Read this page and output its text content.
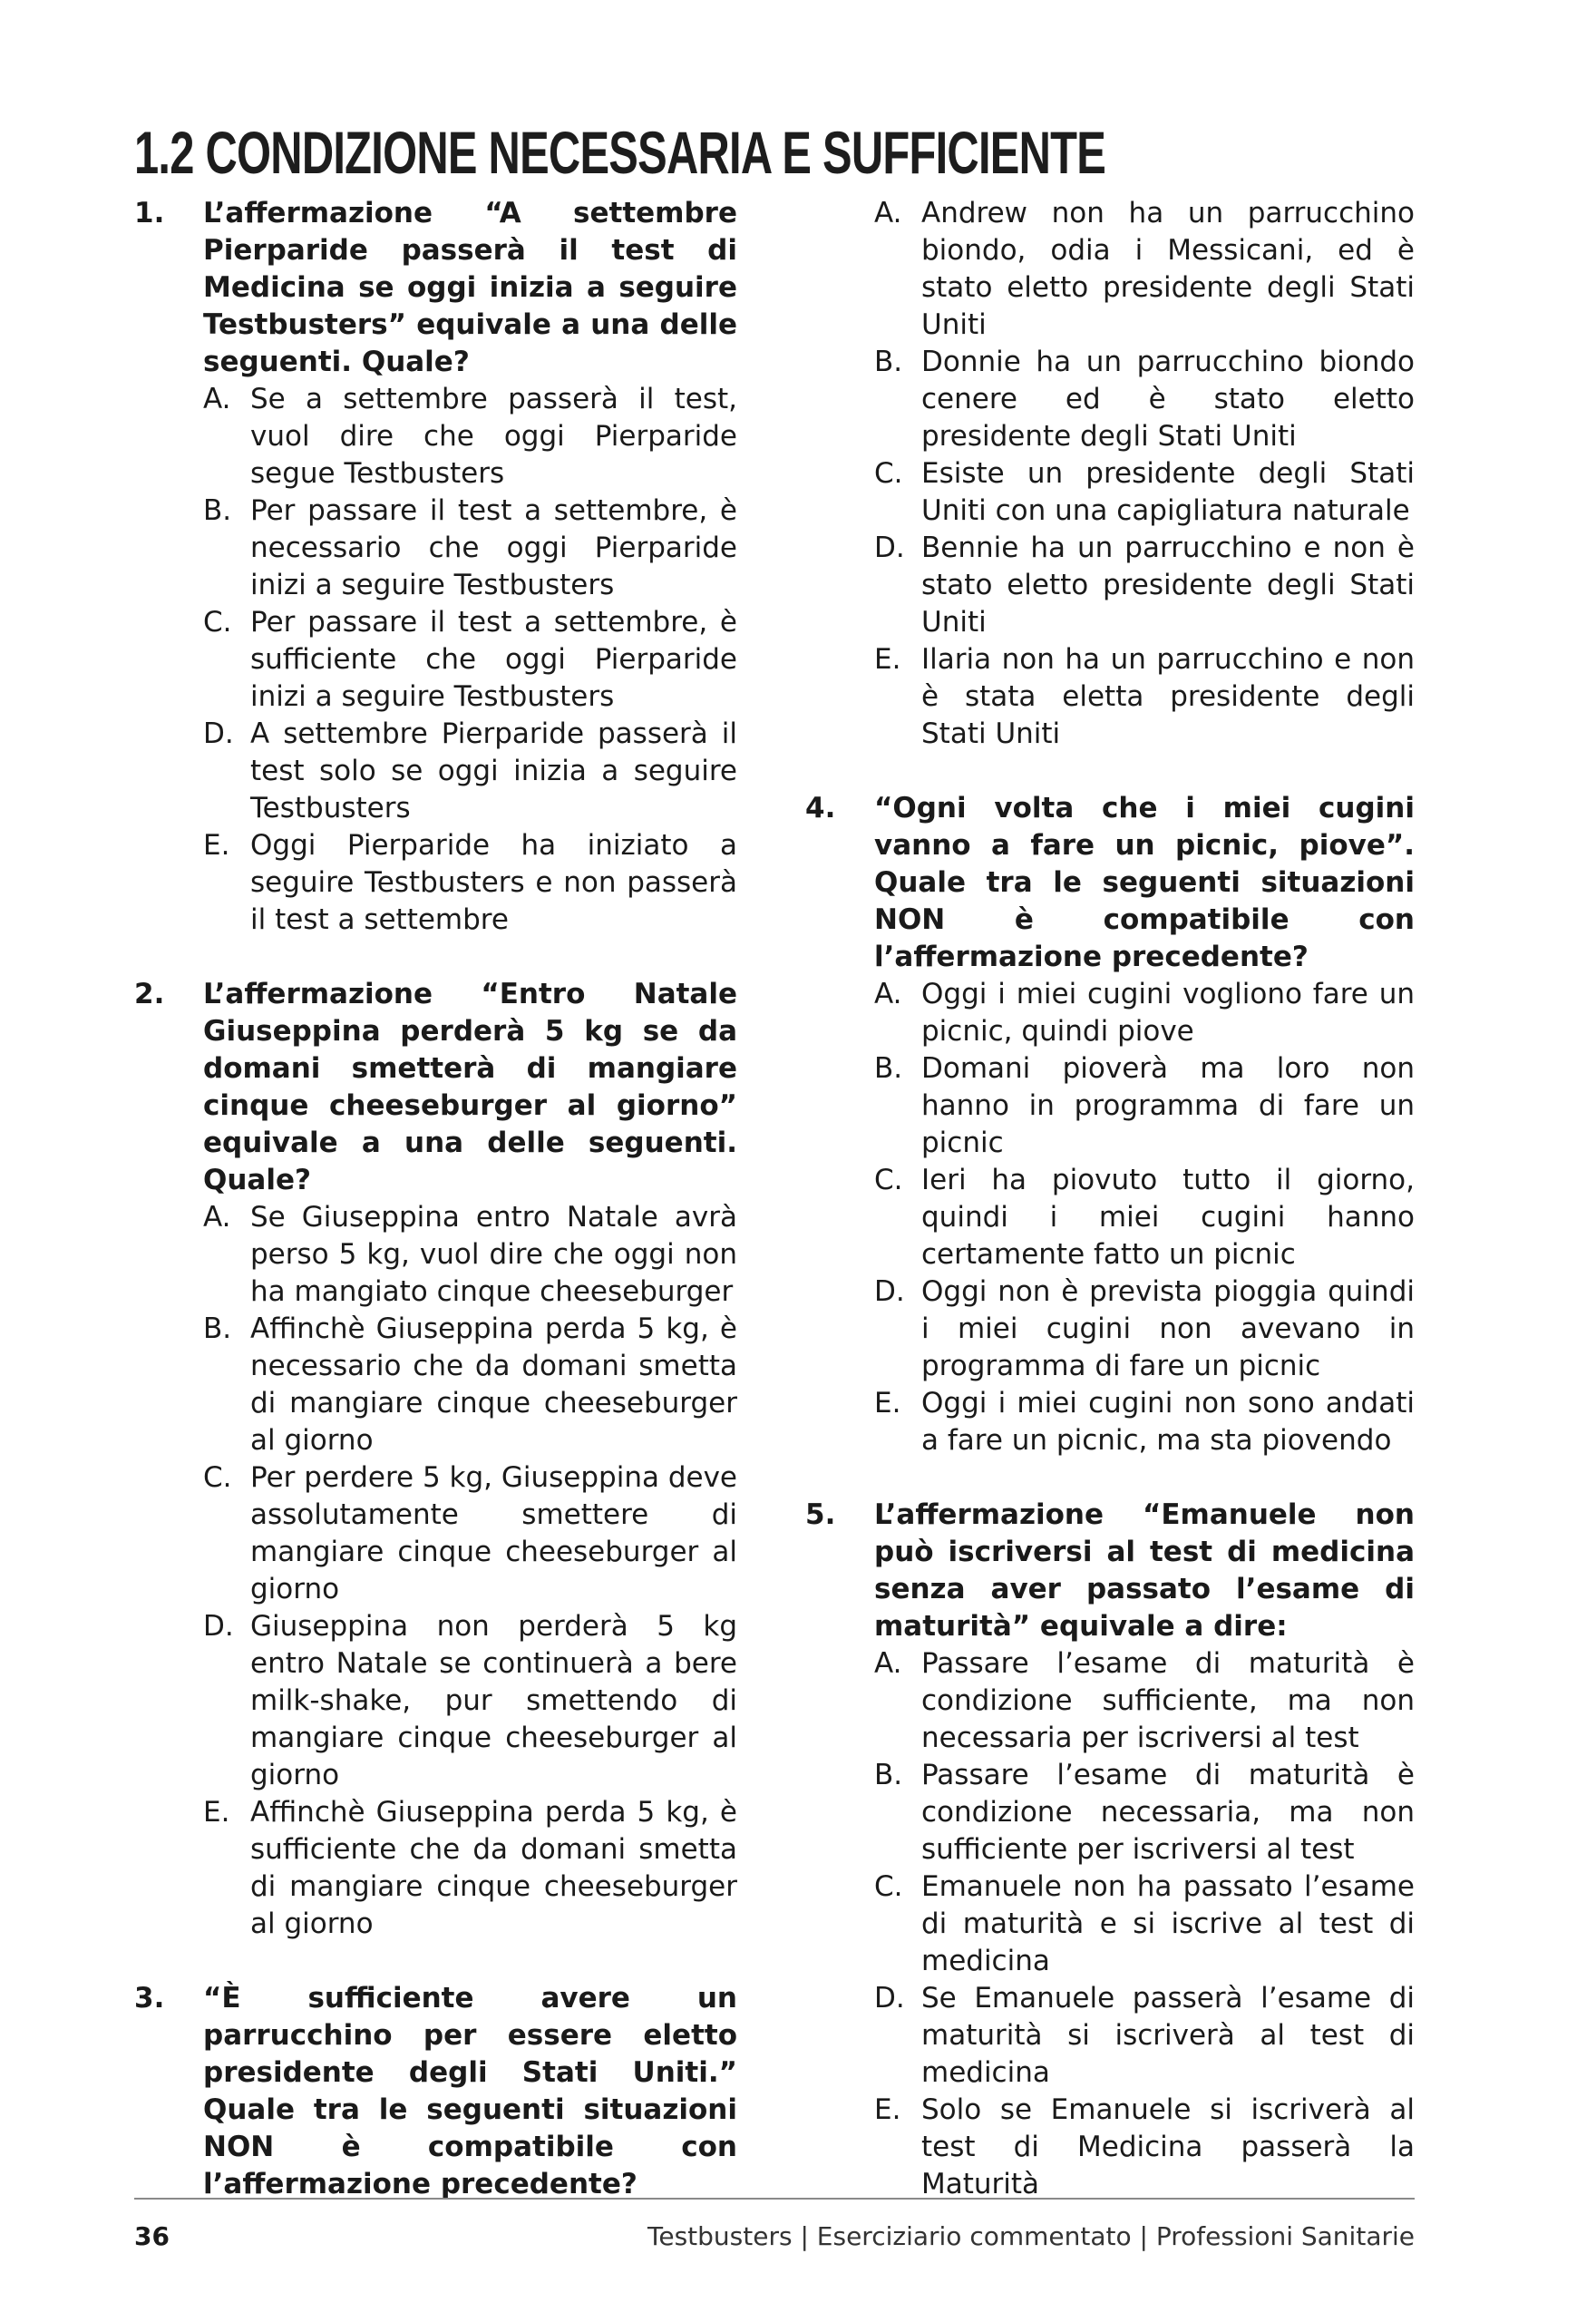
1.2 CONDIZIONE NECESSARIA E SUFFICIENTE
1. L’affermazione “A settembre Pierparide passerà il test di Medicina se oggi inizia a seguire Testbusters” equivale a una delle seguenti. Quale?
A. Se a settembre passerà il test, vuol dire che oggi Pierparide segue Testbusters
B. Per passare il test a settembre, è necessario che oggi Pierparide inizi a seguire Testbusters
C. Per passare il test a settembre, è sufficiente che oggi Pierparide inizi a seguire Testbusters
D. A settembre Pierparide passerà il test solo se oggi inizia a seguire Testbusters
E. Oggi Pierparide ha iniziato a seguire Testbusters e non passerà il test a settembre
2. L’affermazione “Entro Natale Giuseppina perderà 5 kg se da domani smetterà di mangiare cinque cheeseburger al giorno” equivale a una delle seguenti. Quale?
A. Se Giuseppina entro Natale avrà perso 5 kg, vuol dire che oggi non ha mangiato cinque cheeseburger
B. Affinchè Giuseppina perda 5 kg, è necessario che da domani smetta di mangiare cinque cheeseburger al giorno
C. Per perdere 5 kg, Giuseppina deve assolutamente smettere di mangiare cinque cheeseburger al giorno
D. Giuseppina non perderà 5 kg entro Natale se continuerà a bere milk-shake, pur smettendo di mangiare cinque cheeseburger al giorno
E. Affinchè Giuseppina perda 5 kg, è sufficiente che da domani smetta di mangiare cinque cheeseburger al giorno
3. “È sufficiente avere un parrucchino per essere eletto presidente degli Stati Uniti.” Quale tra le seguenti situazioni NON è compatibile con l’affermazione precedente?
A. Andrew non ha un parrucchino biondo, odia i Messicani, ed è stato eletto presidente degli Stati Uniti
B. Donnie ha un parrucchino biondo cenere ed è stato eletto presidente degli Stati Uniti
C. Esiste un presidente degli Stati Uniti con una capigliatura naturale
D. Bennie ha un parrucchino e non è stato eletto presidente degli Stati Uniti
E. Ilaria non ha un parrucchino e non è stata eletta presidente degli Stati Uniti
4. “Ogni volta che i miei cugini vanno a fare un picnic, piove”. Quale tra le seguenti situazioni NON è compatibile con l’affermazione precedente?
A. Oggi i miei cugini vogliono fare un picnic, quindi piove
B. Domani pioverà ma loro non hanno in programma di fare un picnic
C. Ieri ha piovuto tutto il giorno, quindi i miei cugini hanno certamente fatto un picnic
D. Oggi non è prevista pioggia quindi i miei cugini non avevano in programma di fare un picnic
E. Oggi i miei cugini non sono andati a fare un picnic, ma sta piovendo
5. L’affermazione “Emanuele non può iscriversi al test di medicina senza aver passato l’esame di maturità” equivale a dire:
A. Passare l’esame di maturità è condizione sufficiente, ma non necessaria per iscriversi al test
B. Passare l’esame di maturità è condizione necessaria, ma non sufficiente per iscriversi al test
C. Emanuele non ha passato l’esame di maturità e si iscrive al test di medicina
D. Se Emanuele passerà l’esame di maturità si iscriverà al test di medicina
E. Solo se Emanuele si iscriverà al test di Medicina passerà la Maturità
36	Testbusters | Eserciziario commentato | Professioni Sanitarie
